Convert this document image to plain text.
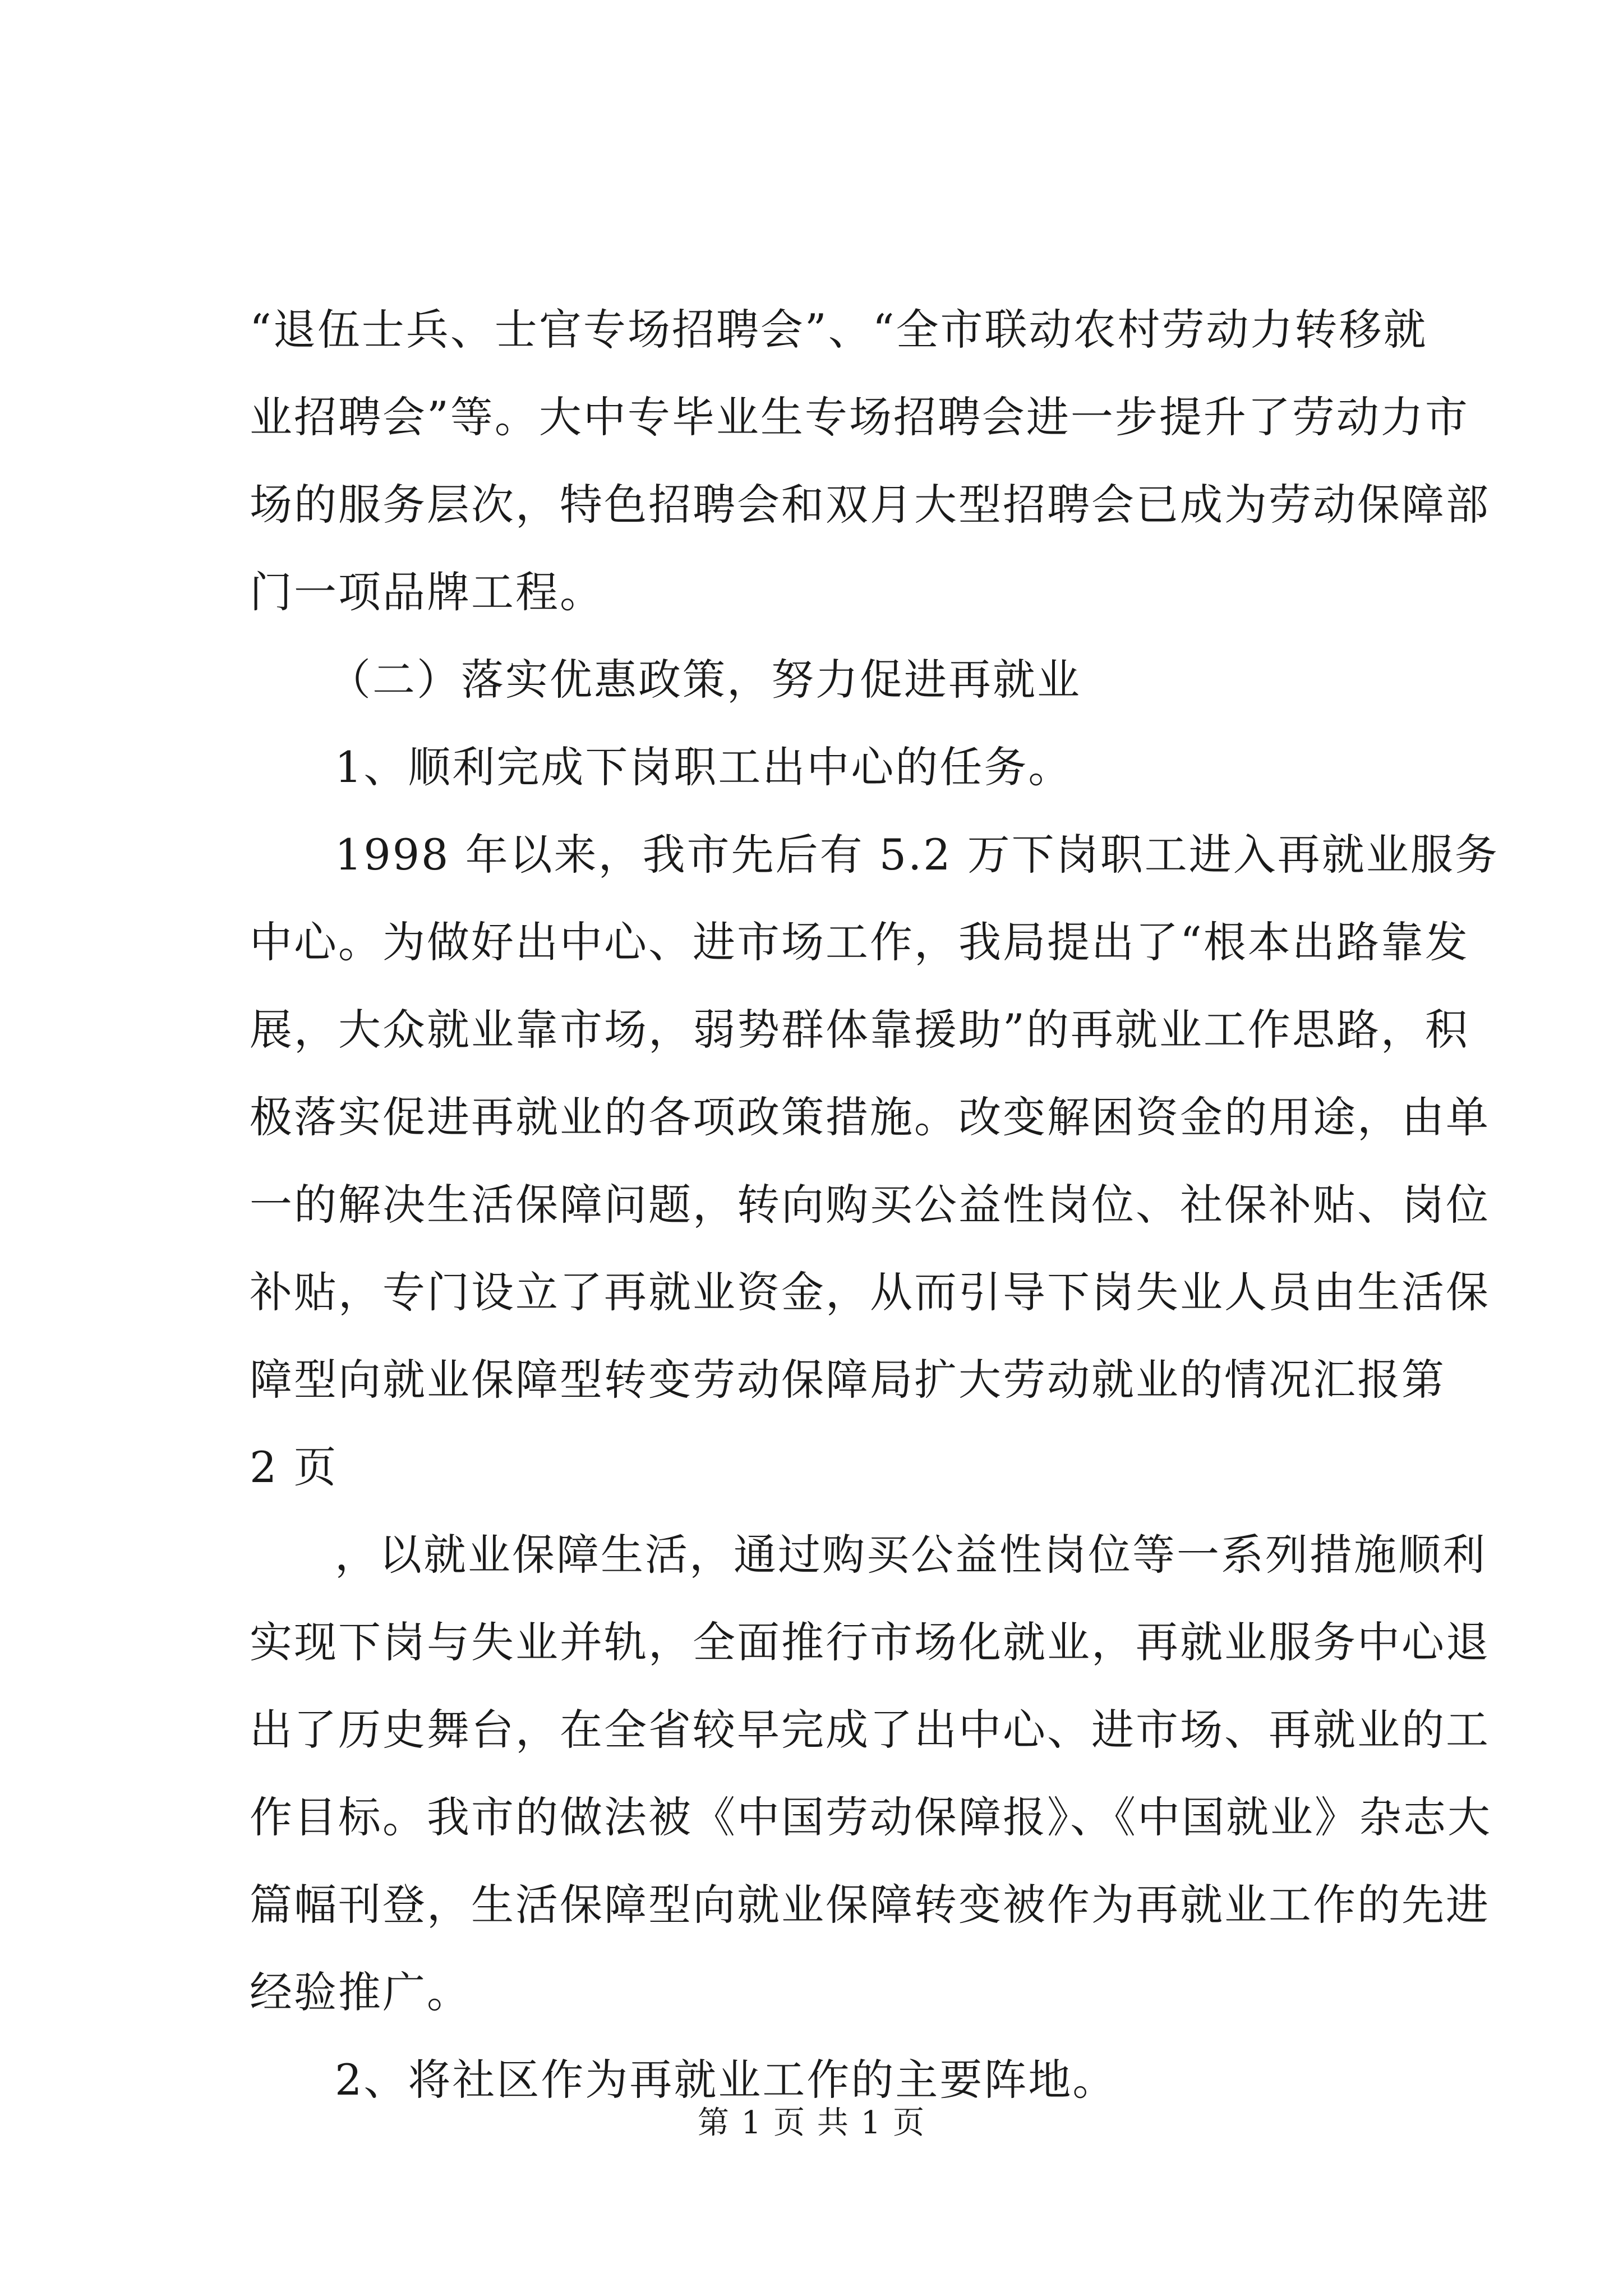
“退伍士兵、士官专场招聘会”、“全市联动农村劳动力转移就
业招聘会”等。大中专毕业生专场招聘会进一步提升了劳动力市
场的服务层次，特色招聘会和双月大型招聘会已成为劳动保障部
门一项品牌工程。
（二）落实优惠政策，努力促进再就业
1、顺利完成下岗职工出中心的任务。
1998 年以来，我市先后有 5.2 万下岗职工进入再就业服务
中心。为做好出中心、进市场工作，我局提出了“根本出路靠发
展，大众就业靠市场，弱势群体靠援助”的再就业工作思路，积
极落实促进再就业的各项政策措施。改变解困资金的用途，由单
一的解决生活保障问题，转向购买公益性岗位、社保补贴、岗位
补贴，专门设立了再就业资金，从而引导下岗失业人员由生活保
障型向就业保障型转变劳动保障局扩大劳动就业的情况汇报第
2 页
，以就业保障生活，通过购买公益性岗位等一系列措施顺利
实现下岗与失业并轨，全面推行市场化就业，再就业服务中心退
出了历史舞台，在全省较早完成了出中心、进市场、再就业的工
作目标。我市的做法被《中国劳动保障报》、《中国就业》杂志大
篇幅刊登，生活保障型向就业保障转变被作为再就业工作的先进
经验推广。
2、将社区作为再就业工作的主要阵地。
第 1 页 共 1 页
